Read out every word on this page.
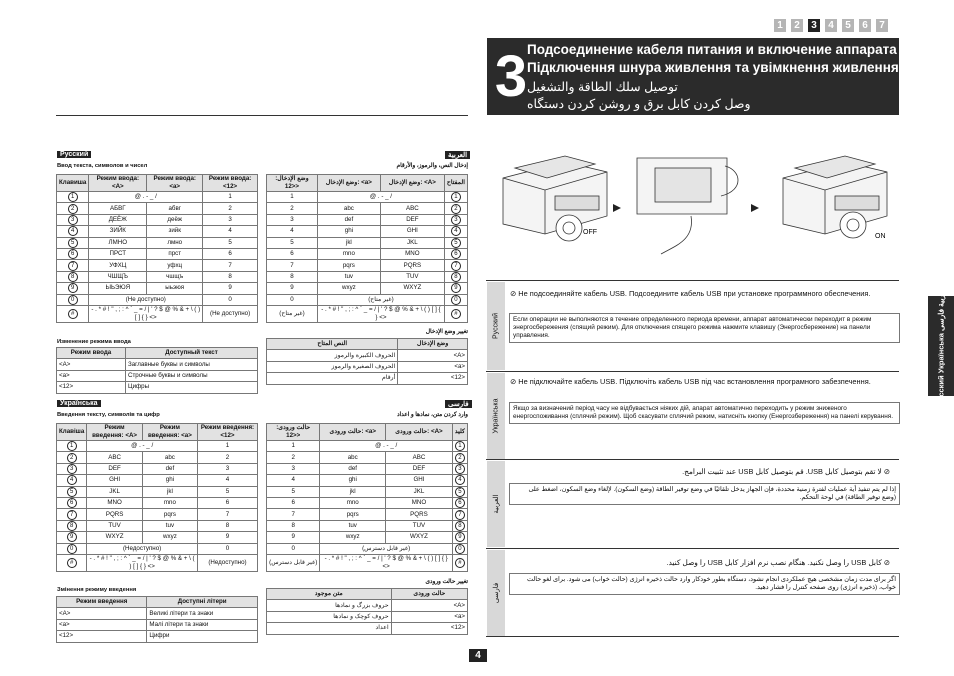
1	2	3	4	5	6	7
3 Подсоединение кабеля питания и включение аппарата
Підключення шнура живлення та увімкнення живлення
توصيل سلك الطاقة والتشغيل
وصل کردن کابل برق و روشن کردن دستگاه
Русский
Ввод текста, символов и чисел
Клавиша	Режим ввода: <A>	Режим ввода: <a>	Режим ввода: <12>
1	@ . - _ /		1
2	АБВГ	абвг	2
3	ДЕЁЖ	деёж	3
4	ЗИЙК	зийк	4
5	ЛМНО	лмно	5
6	ПРСТ	прст	6
7	УФХЦ	уфхц	7
8	ЧШЩЪ	чшщъ	8
9	ЫЬЭЮЯ	ыьэюя	9
0	(Не доступно)		0
#	- . * # ! " , ; : ^ ` _ = / | ' ? $ @ % & + \ ( ) [ ] { } <>		(Не доступно)
Изменение режима ввода
Режим ввода	Доступный текст
<A>	Заглавные буквы и символы
<a>	Строчные буквы и символы
<12>	Цифры
العربية
إدخال النص، والرموز، والأرقام
وضع الإدخال: <12>	وضع الإدخال: <a>	وضع الإدخال: <A>	المفتاح
1	@ . - _ /		1
2	abc	ABC	2
3	def	DEF	3
4	ghi	GHI	4
5	jkl	JKL	5
6	mno	MNO	6
7	pqrs	PQRS	7
8	tuv	TUV	8
9	wxyz	WXYZ	9
0	(غير متاح)		0
(غير متاح)	- . * # ! " , ; : ^ ` _ = / | ' ? $ @ % & + \ ( ) [ ] { } <>		#
تغيير وضع الإدخال
النص المتاح	وضع الإدخال
الحروف الكبيرة والرموز	<A>
الحروف الصغيرة والرموز	<a>
أرقام	<12>
Українська
Введення тексту, символів та цифр
Клавіша	Режим введення: <A>	Режим введення: <a>	Режим введення: <12>
1	@ . - _ /		1
2	ABC	abc	2
3	DEF	def	3
4	GHI	ghi	4
5	JKL	jkl	5
6	MNO	mno	6
7	PQRS	pqrs	7
8	TUV	tuv	8
9	WXYZ	wxyz	9
0	(Недоступно)		0
#	- . * # ! " , ; : ^ ` _ = / | ' ? $ @ % & + \ ( ) [ ] { } <>		(Недоступно)
Змінення режиму введення
Режим введення	Доступні літери
<A>	Великі літери та знаки
<a>	Малі літери та знаки
<12>	Цифри
فارسی
وارد کردن متن، نمادها و اعداد
حالت ورودی: <12>	حالت ورودی: <a>	حالت ورودی: <A>	کلید
1	@ . - _ /		1
2	abc	ABC	2
3	def	DEF	3
4	ghi	GHI	4
5	jkl	JKL	5
6	mno	MNO	6
7	pqrs	PQRS	7
8	tuv	TUV	8
9	wxyz	WXYZ	9
0	(غیر قابل دسترس)		0
(غیر قابل دسترس)	- . * # ! " , ; : ^ ` _ = / | ' ? $ @ % & + \ ( ) [ ] { } <>		#
تغییر حالت ورودی
متن موجود	حالت ورودی
حروف بزرگ و نمادها	<A>
حروف کوچک و نمادها	<a>
اعداد	<12>
OFF
ON
Русский
⊘ Не подсоединяйте кабель USB. Подсоедините кабель USB при установке программного обеспечения.
Если операции не выполняются в течение определенного периода времени, аппарат автоматически переходит в режим энергосбережения (спящий режим). Для отключения спящего режима нажмите клавишу (Энергосбережение) на панели управления.
Українська
⊘ Не підключайте кабель USB. Підключіть кабель USB під час встановлення програмного забезпечення.
Якщо за визначений період часу не відбувається ніяких дій, апарат автоматично переходить у режим зниженого енергоспоживання (сплячий режим). Щоб скасувати сплячий режим, натисніть кнопку (Енергозбереження) на панелі керування.
العربية
⊘ لا تقم بتوصيل كابل USB. قم بتوصيل كابل USB عند تثبيت البرامج.
إذا لم يتم تنفيذ أية عمليات لفترة زمنية محددة، فإن الجهاز يدخل تلقائيًا في وضع توفير الطاقة (وضع السكون). لإلغاء وضع السكون، اضغط على (وضع توفير الطاقة) في لوحة التحكم.
فارسی
⊘ کابل USB را وصل نکنید. هنگام نصب نرم افزار کابل USB را وصل کنید.
اگر برای مدت زمان مشخصی هیچ عملکردی انجام نشود، دستگاه بطور خودکار وارد حالت ذخیره انرژی (حالت خواب) می شود. برای لغو حالت خواب، (ذخیره انرژی) روی صفحه کنترل را فشار دهید.
Русский Українська العربية فارسی
4
